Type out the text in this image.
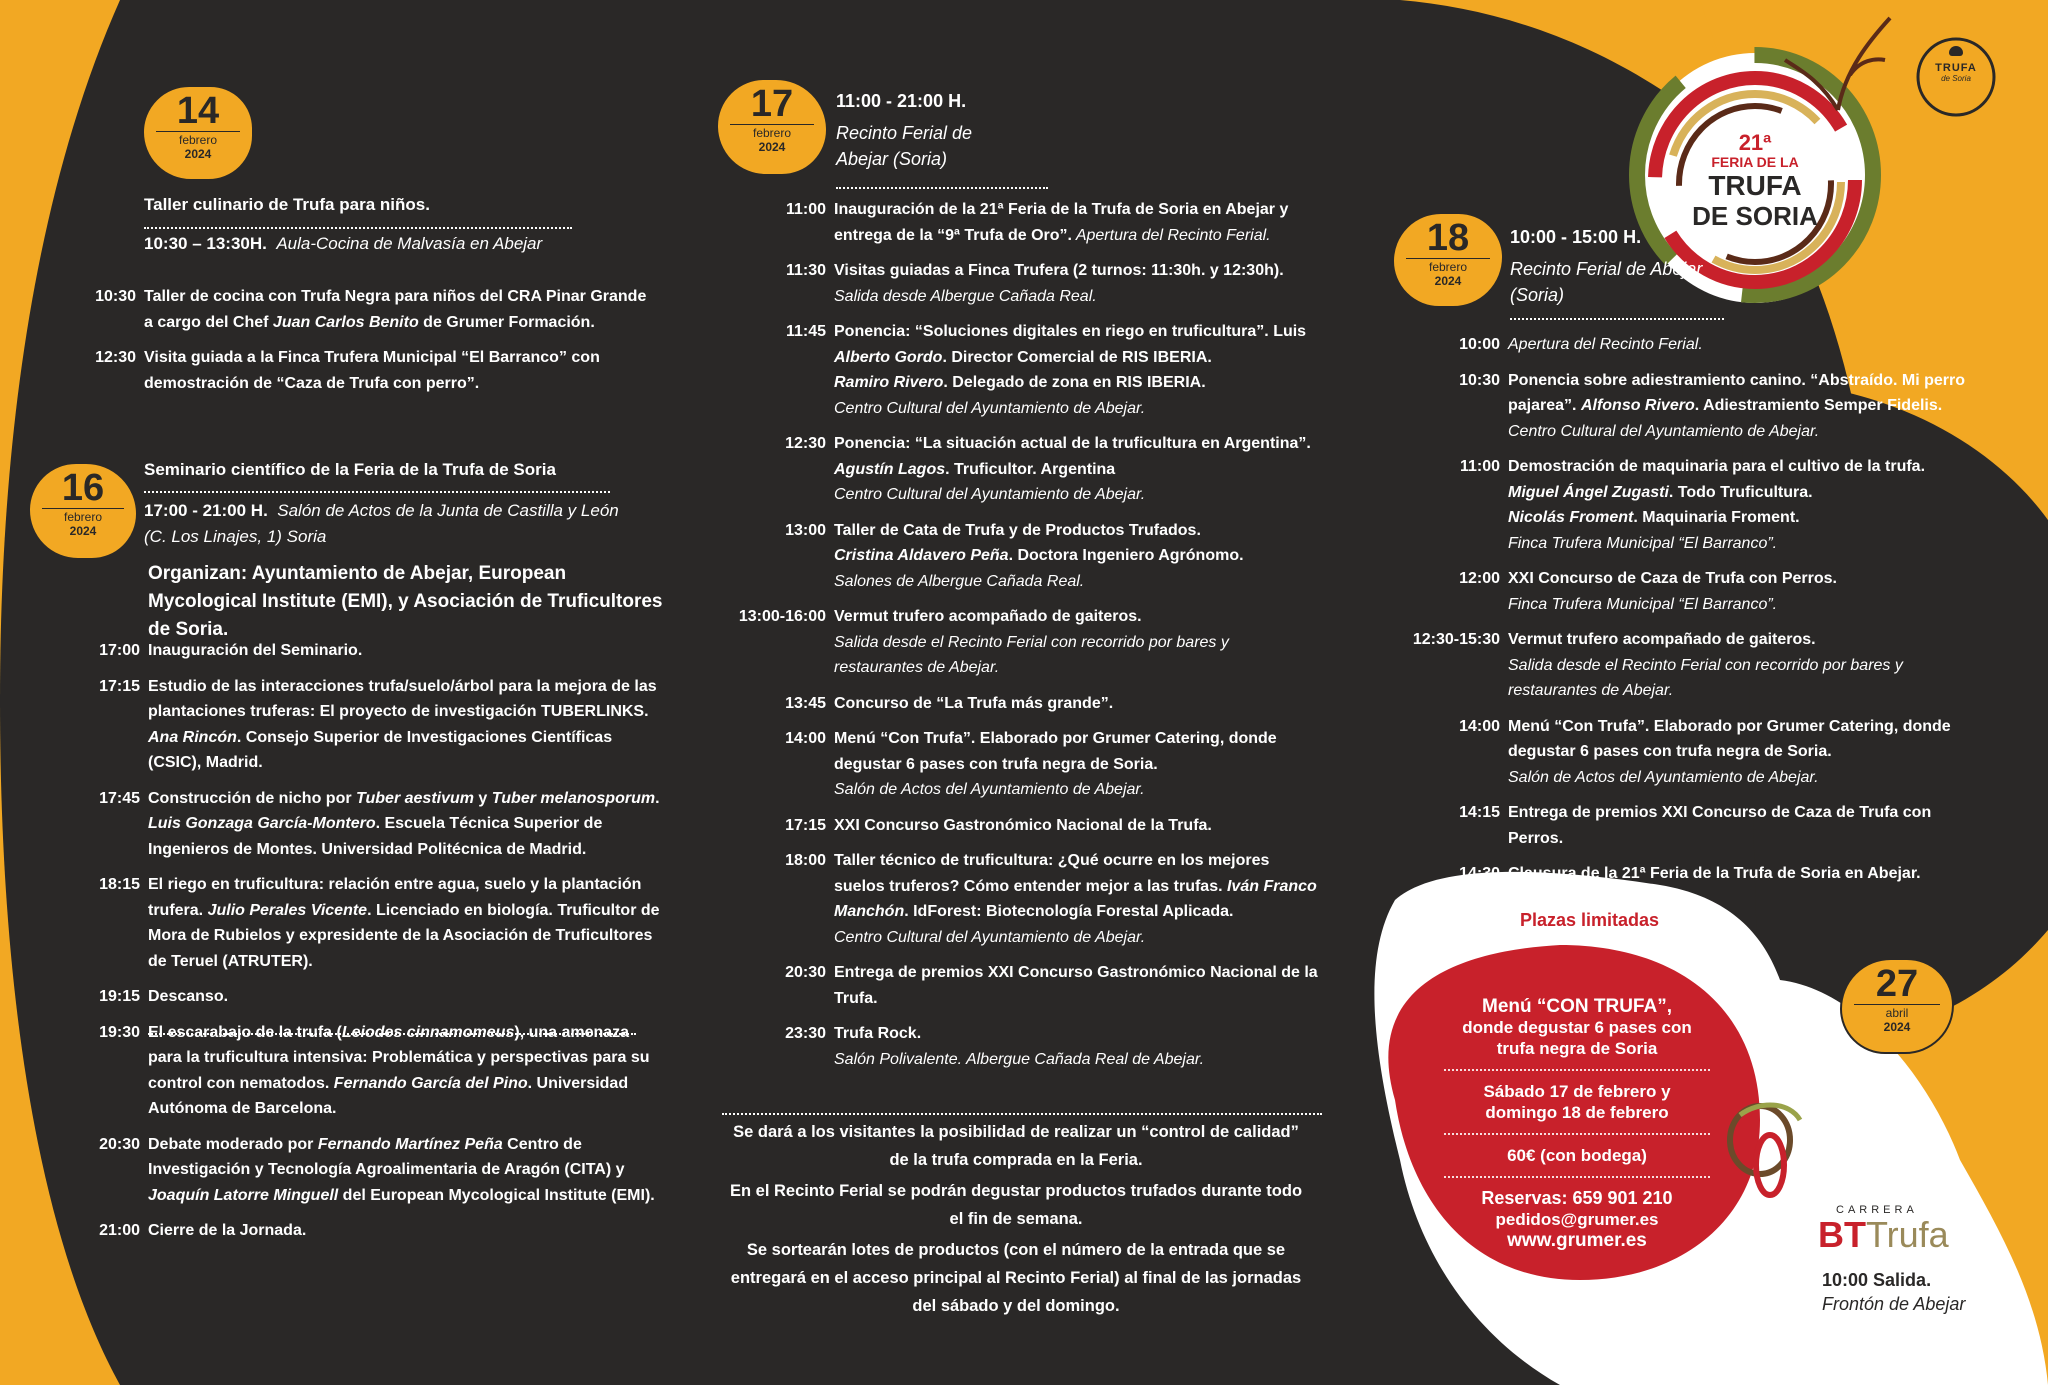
21ª
FERIA DE LA
TRUFA
DE SORIA
TRUFA
de Soria
14
febrero
2024
Taller culinario de Trufa para niños.
10:30 – 13:30H. Aula-Cocina de Malvasía en Abejar
10:30 Taller de cocina con Trufa Negra para niños del CRA Pinar Grande
a cargo del Chef Juan Carlos Benito de Grumer Formación.
12:30 Visita guiada a la Finca Trufera Municipal “El Barranco” con
demostración de “Caza de Trufa con perro”.
16
febrero
2024
Seminario científico de la Feria de la Trufa de Soria
17:00 - 21:00 H. Salón de Actos de la Junta de Castilla y León
(C. Los Linajes, 1) Soria
Organizan: Ayuntamiento de Abejar, European Mycological Institute (EMI), y Asociación de Truficultores de Soria.
17:00 Inauguración del Seminario.
17:15 Estudio de las interacciones trufa/suelo/árbol para la mejora de las plantaciones truferas: El proyecto de investigación TUBERLINKS. Ana Rincón. Consejo Superior de Investigaciones Científicas (CSIC), Madrid.
17:45 Construcción de nicho por Tuber aestivum y Tuber melanosporum. Luis Gonzaga García-Montero. Escuela Técnica Superior de Ingenieros de Montes. Universidad Politécnica de Madrid.
18:15 El riego en truficultura: relación entre agua, suelo y la plantación trufera. Julio Perales Vicente. Licenciado en biología. Truficultor de Mora de Rubielos y expresidente de la Asociación de Truficultores de Teruel (ATRUTER).
19:15 Descanso.
19:30 El escarabajo de la trufa (Leiodes cinnamomeus), una amenaza para la truficultura intensiva: Problemática y perspectivas para su control con nematodos. Fernando García del Pino. Universidad Autónoma de Barcelona.
20:30 Debate moderado por Fernando Martínez Peña Centro de Investigación y Tecnología Agroalimentaria de Aragón (CITA) y Joaquín Latorre Minguell del European Mycological Institute (EMI).
21:00 Cierre de la Jornada.
17
febrero
2024
11:00 - 21:00 H.
Recinto Ferial de
Abejar (Soria)
11:00 Inauguración de la 21ª Feria de la Trufa de Soria en Abejar y entrega de la “9ª Trufa de Oro”. Apertura del Recinto Ferial.
11:30 Visitas guiadas a Finca Trufera (2 turnos: 11:30h. y 12:30h).
Salida desde Albergue Cañada Real.
11:45 Ponencia: “Soluciones digitales en riego en truficultura”. Luis
Alberto Gordo. Director Comercial de RIS IBERIA.
Ramiro Rivero. Delegado de zona en RIS IBERIA.
Centro Cultural del Ayuntamiento de Abejar.
12:30 Ponencia: “La situación actual de la truficultura en Argentina”.
Agustín Lagos. Truficultor. Argentina
Centro Cultural del Ayuntamiento de Abejar.
13:00 Taller de Cata de Trufa y de Productos Trufados.
Cristina Aldavero Peña. Doctora Ingeniero Agrónomo.
Salones de Albergue Cañada Real.
13:00-16:00 Vermut trufero acompañado de gaiteros.
Salida desde el Recinto Ferial con recorrido por bares y restaurantes de Abejar.
13:45 Concurso de “La Trufa más grande”.
14:00 Menú “Con Trufa”. Elaborado por Grumer Catering, donde degustar 6 pases con trufa negra de Soria.
Salón de Actos del Ayuntamiento de Abejar.
17:15 XXI Concurso Gastronómico Nacional de la Trufa.
18:00 Taller técnico de truficultura: ¿Qué ocurre en los mejores suelos truferos? Cómo entender mejor a las trufas. Iván Franco Manchón. IdForest: Biotecnología Forestal Aplicada.
Centro Cultural del Ayuntamiento de Abejar.
20:30 Entrega de premios XXI Concurso Gastronómico Nacional de la Trufa.
23:30 Trufa Rock.
Salón Polivalente. Albergue Cañada Real de Abejar.

Se dará a los visitantes la posibilidad de realizar un “control de calidad” de la trufa comprada en la Feria.

En el Recinto Ferial se podrán degustar productos trufados durante todo el fin de semana.

Se sortearán lotes de productos (con el número de la entrada que se entregará en el acceso principal al Recinto Ferial) al final de las jornadas del sábado y del domingo.

18
febrero
2024
10:00 - 15:00 H.
Recinto Ferial de Abejar
(Soria)
10:00 Apertura del Recinto Ferial.
10:30 Ponencia sobre adiestramiento canino. “Abstraído. Mi perro pajarea”. Alfonso Rivero. Adiestramiento Semper Fidelis. Centro Cultural del Ayuntamiento de Abejar.
11:00 Demostración de maquinaria para el cultivo de la trufa.
Miguel Ángel Zugasti. Todo Truficultura.
Nicolás Froment. Maquinaria Froment.
Finca Trufera Municipal “El Barranco”.
12:00 XXI Concurso de Caza de Trufa con Perros.
Finca Trufera Municipal “El Barranco”.
12:30-15:30 Vermut trufero acompañado de gaiteros.
Salida desde el Recinto Ferial con recorrido por bares y restaurantes de Abejar.
14:00 Menú “Con Trufa”. Elaborado por Grumer Catering, donde degustar 6 pases con trufa negra de Soria.
Salón de Actos del Ayuntamiento de Abejar.
14:15 Entrega de premios XXI Concurso de Caza de Trufa con Perros.
14:30 Clausura de la 21ª Feria de la Trufa de Soria en Abejar.
Plazas limitadas
Menú “CON TRUFA”,
donde degustar 6 pases con
trufa negra de Soria
Sábado 17 de febrero y
domingo 18 de febrero
60€ (con bodega)
Reservas: 659 901 210
pedidos@grumer.es
www.grumer.es
27
abril
2024
CARRERA
BTTrufa
10:00 Salida.
Frontón de Abejar
